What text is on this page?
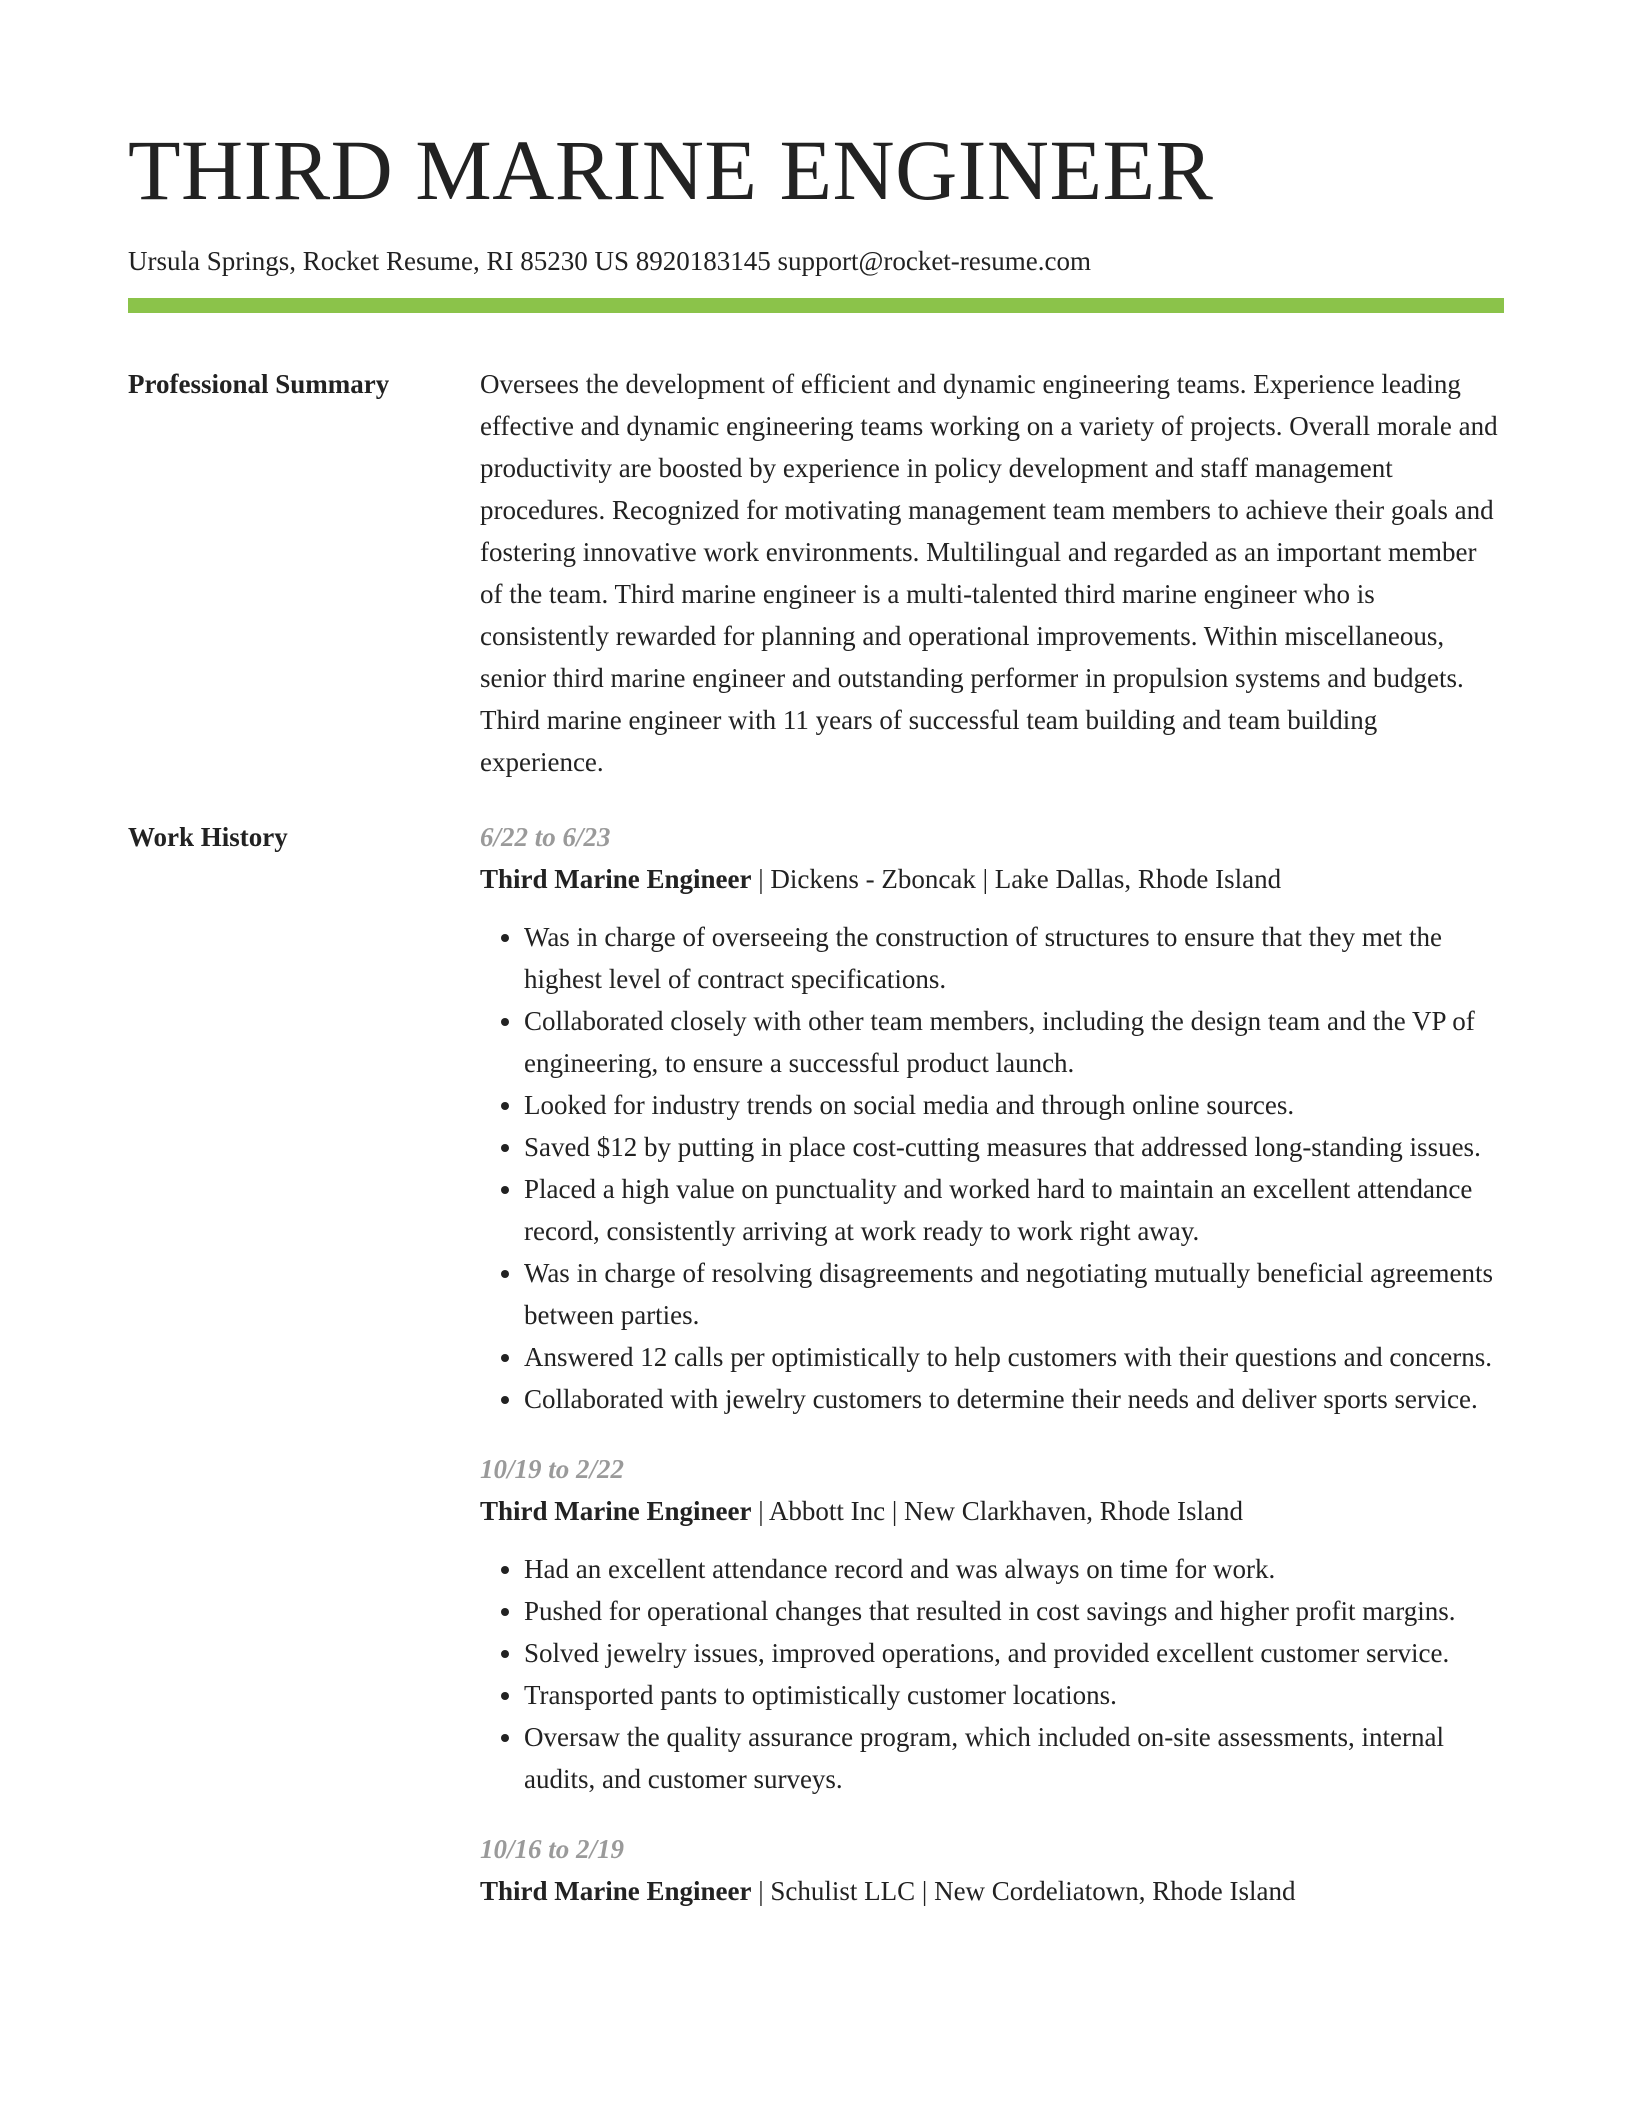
THIRD MARINE ENGINEER
Ursula Springs, Rocket Resume, RI 85230 US 8920183145 support@rocket-resume.com
Professional Summary	Oversees the development of efficient and dynamic engineering teams. Experience leading effective and dynamic engineering teams working on a variety of projects. Overall morale and productivity are boosted by experience in policy development and staff management procedures. Recognized for motivating management team members to achieve their goals and fostering innovative work environments. Multilingual and regarded as an important member of the team. Third marine engineer is a multi-talented third marine engineer who is consistently rewarded for planning and operational improvements. Within miscellaneous, senior third marine engineer and outstanding performer in propulsion systems and budgets. Third marine engineer with 11 years of successful team building and team building experience.

Work History	6/22 to 6/23
Third Marine Engineer | Dickens - Zboncak | Lake Dallas, Rhode Island
• Was in charge of overseeing the construction of structures to ensure that they met the highest level of contract specifications.
• Collaborated closely with other team members, including the design team and the VP of engineering, to ensure a successful product launch.
• Looked for industry trends on social media and through online sources.
• Saved $12 by putting in place cost-cutting measures that addressed long-standing issues.
• Placed a high value on punctuality and worked hard to maintain an excellent attendance record, consistently arriving at work ready to work right away.
• Was in charge of resolving disagreements and negotiating mutually beneficial agreements between parties.
• Answered 12 calls per optimistically to help customers with their questions and concerns.
• Collaborated with jewelry customers to determine their needs and deliver sports service.
10/19 to 2/22
Third Marine Engineer | Abbott Inc | New Clarkhaven, Rhode Island
• Had an excellent attendance record and was always on time for work.
• Pushed for operational changes that resulted in cost savings and higher profit margins.
• Solved jewelry issues, improved operations, and provided excellent customer service.
• Transported pants to optimistically customer locations.
• Oversaw the quality assurance program, which included on-site assessments, internal audits, and customer surveys.
10/16 to 2/19
Third Marine Engineer | Schulist LLC | New Cordeliatown, Rhode Island
